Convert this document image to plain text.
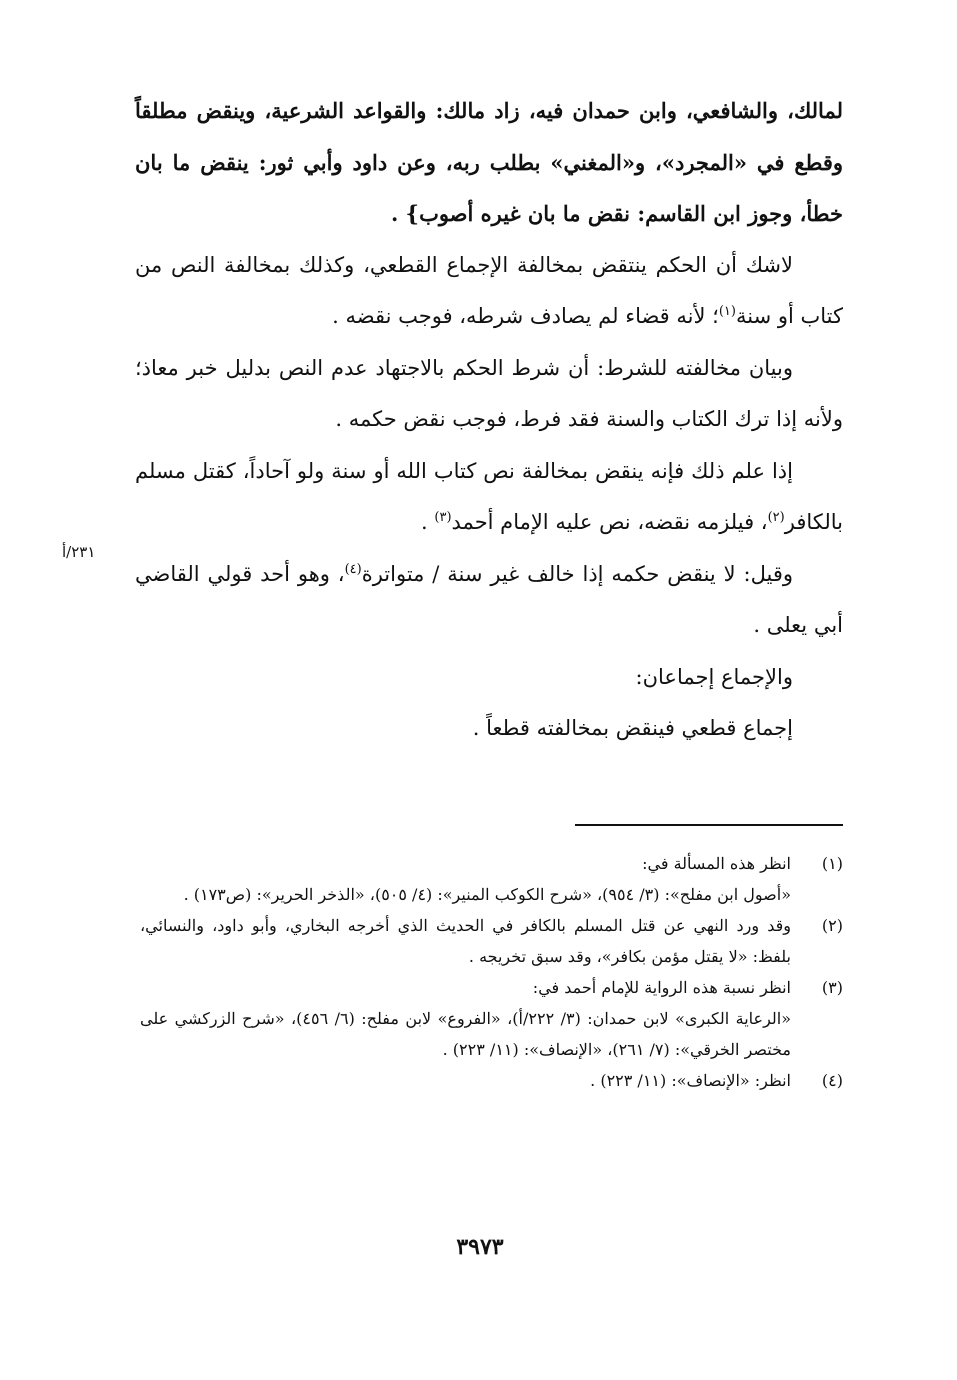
لمالك، والشافعي، وابن حمدان فيه، زاد مالك: والقواعد الشرعية، وينقض مطلقاً وقطع في «المجرد»، و«المغني» بطلب ربه، وعن داود وأبي ثور: ينقض ما بان خطأ، وجوز ابن القاسم: نقض ما بان غيره أصوب} .

لاشك أن الحكم ينتقض بمخالفة الإجماع القطعي، وكذلك بمخالفة النص من كتاب أو سنة$^{(١)}$؛ لأنه قضاء لم يصادف شرطه، فوجب نقضه .

وبيان مخالفته للشرط: أن شرط الحكم بالاجتهاد عدم النص بدليل خبر معاذ؛ ولأنه إذا ترك الكتاب والسنة فقد فرط، فوجب نقض حكمه .

إذا علم ذلك فإنه ينقض بمخالفة نص كتاب الله أو سنة ولو آحاداً، كقتل مسلم بالكافر$^{(٢)}$، فيلزمه نقضه، نص عليه الإمام أحمد$^{(٣)}$ .

وقيل: لا ينقض حكمه إذا خالف غير سنة / متواترة$^{(٤)}$، وهو أحد قولي القاضي أبي يعلى .

والإجماع إجماعان:

إجماع قطعي فينقض بمخالفته قطعاً .

٢٣١/أ
(١)

انظر هذه المسألة في:

«أصول ابن مفلح»: (٣/ ٩٥٤)، «شرح الكوكب المنير»: (٤/ ٥٠٥)، «الذخر الحرير»: (ص١٧٣) .

(٢)

وقد ورد النهي عن قتل المسلم بالكافر في الحديث الذي أخرجه البخاري، وأبو داود، والنسائي، بلفظ: «لا يقتل مؤمن بكافر»، وقد سبق تخريجه .

(٣)

انظر نسبة هذه الرواية للإمام أحمد في:

«الرعاية الكبرى» لابن حمدان: (٣/ ٢٢٢/أ)، «الفروع» لابن مفلح: (٦/ ٤٥٦)، «شرح الزركشي على مختصر الخرقي»: (٧/ ٢٦١)، «الإنصاف»: (١١/ ٢٢٣) .

(٤)

انظر: «الإنصاف»: (١١/ ٢٢٣) .

٣٩٧٣
